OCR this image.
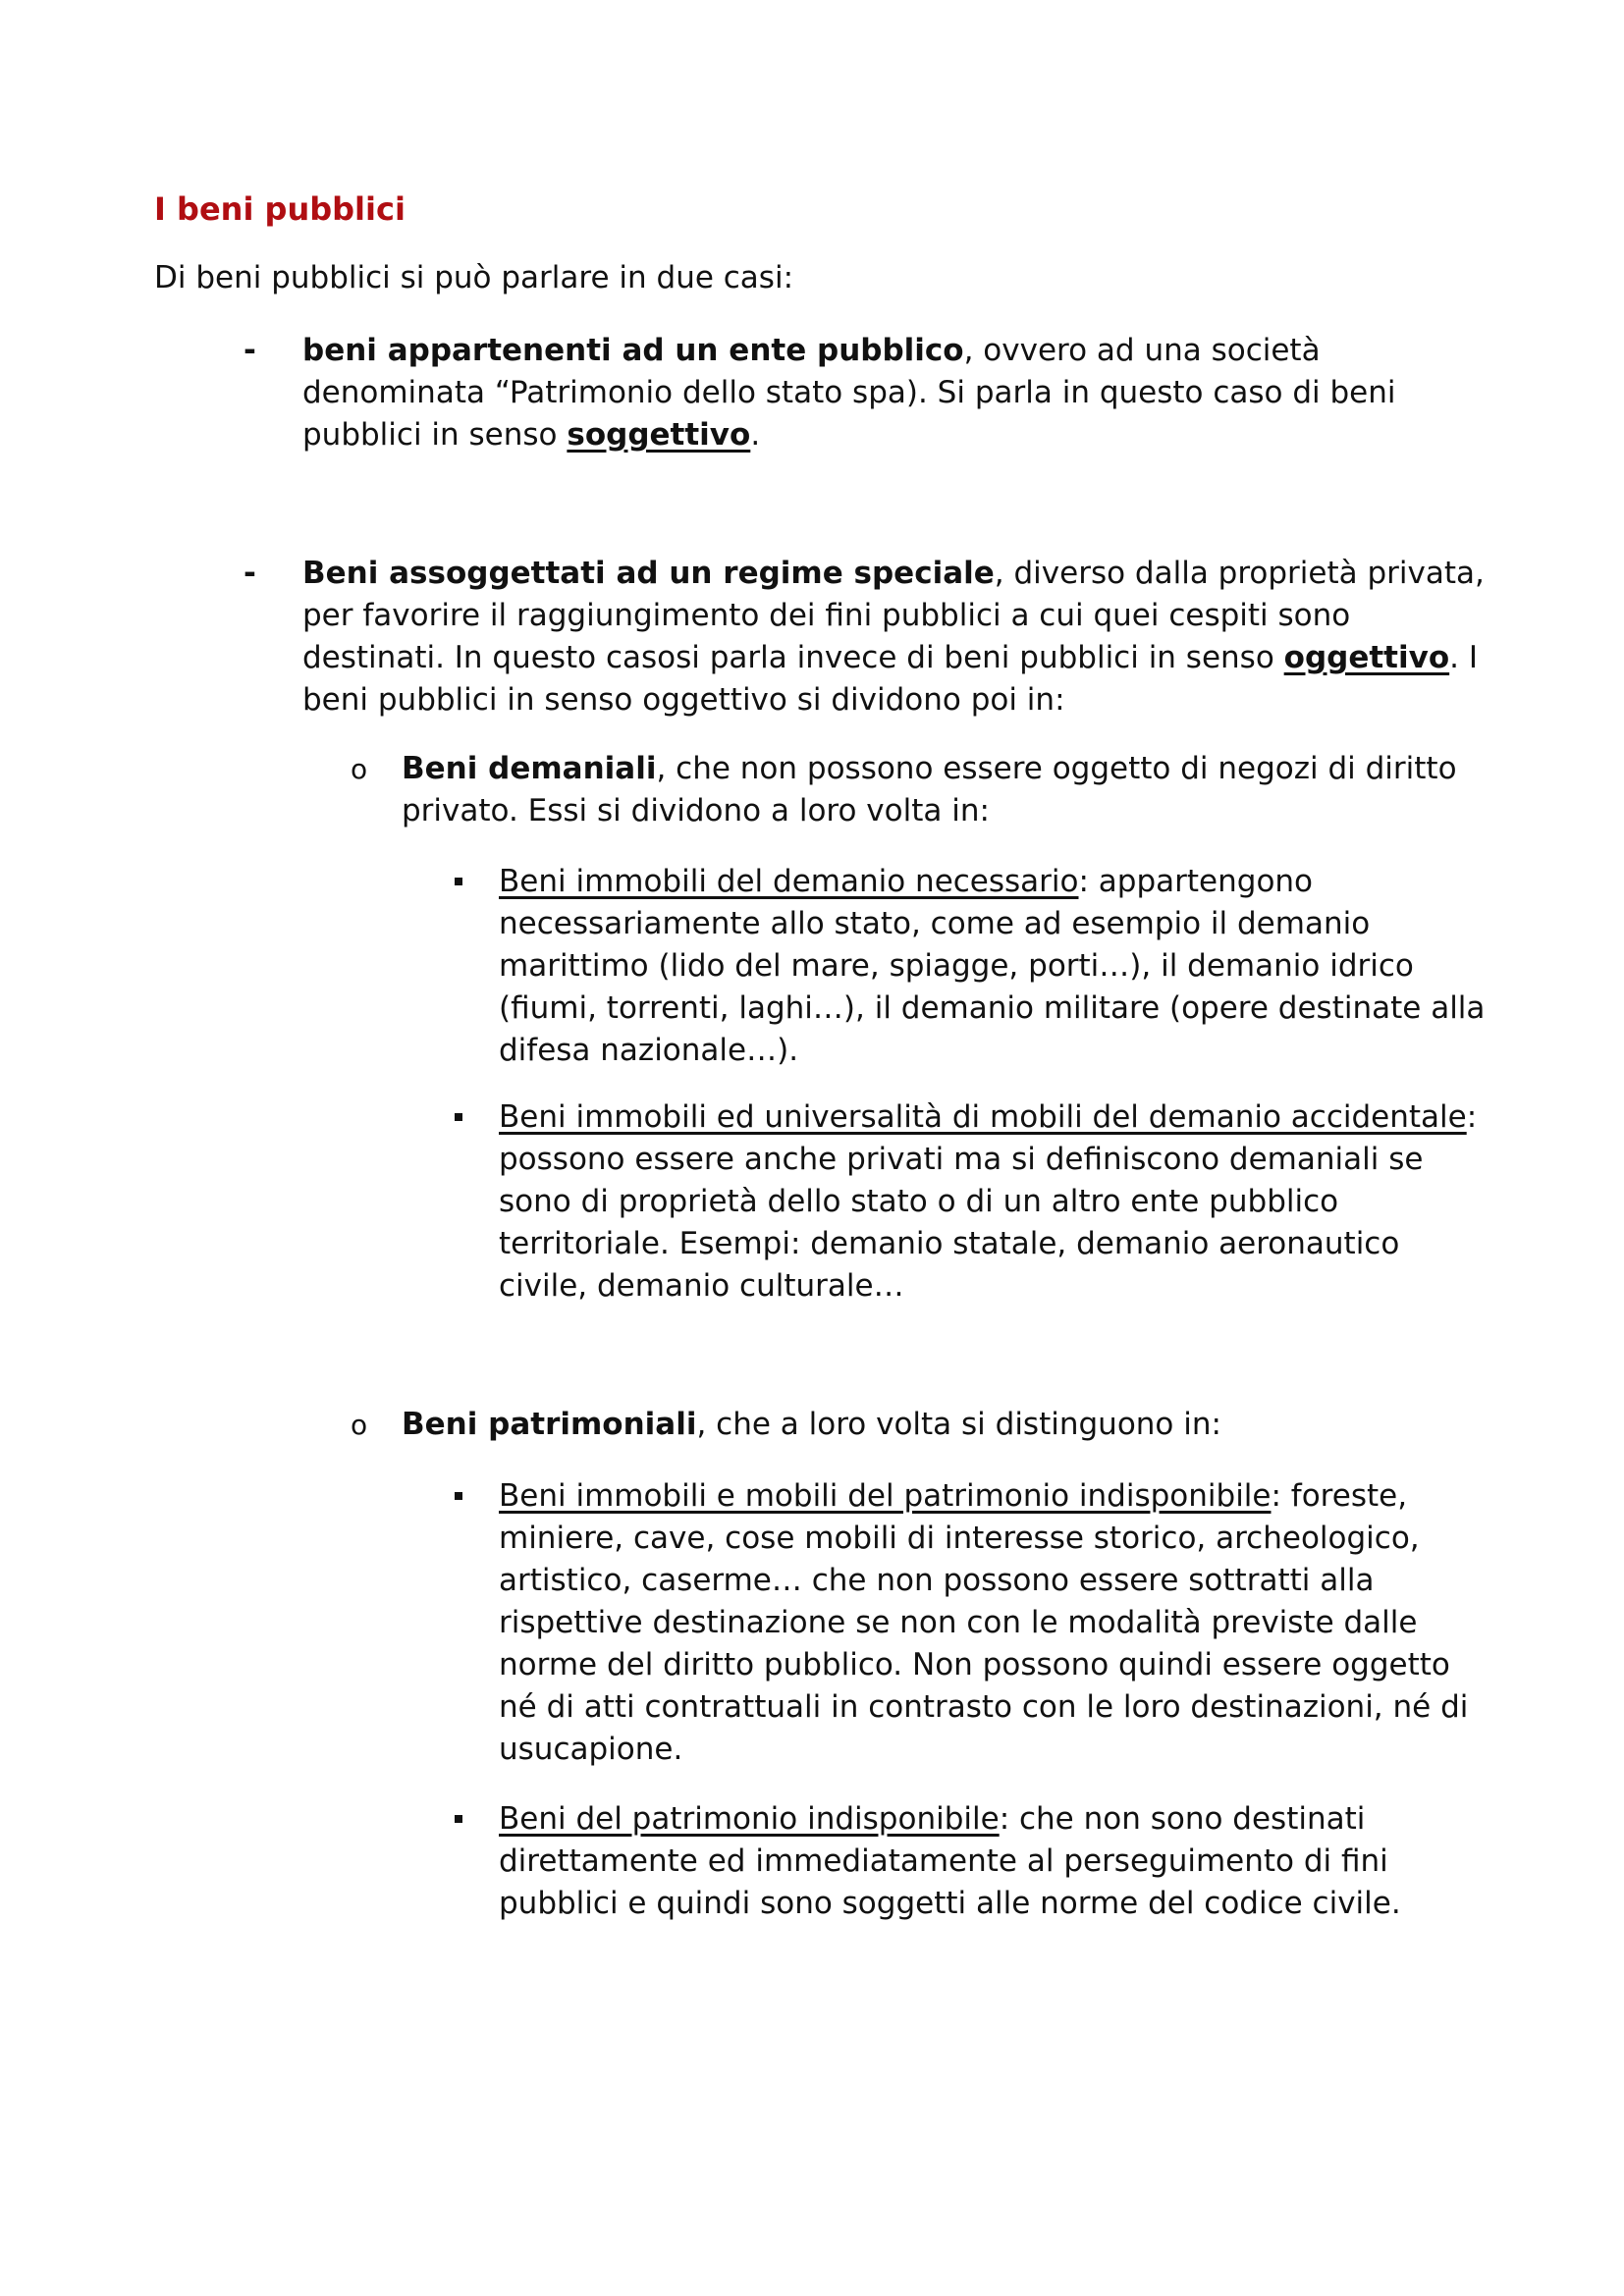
I beni pubblici

Di beni pubblici si può parlare in due casi:

- beni appartenenti ad un ente pubblico, ovvero ad una società denominata “Patrimonio dello stato spa). Si parla in questo caso di beni pubblici in senso soggettivo.

- Beni assoggettati ad un regime speciale, diverso dalla proprietà privata, per favorire il raggiungimento dei fini pubblici a cui quei cespiti sono destinati. In questo casosi parla invece di beni pubblici in senso oggettivo. I beni pubblici in senso oggettivo si dividono poi in:

o Beni demaniali, che non possono essere oggetto di negozi di diritto privato. Essi si dividono a loro volta in:

Beni immobili del demanio necessario: appartengono necessariamente allo stato, come ad esempio il demanio marittimo (lido del mare, spiagge, porti…), il demanio idrico (fiumi, torrenti, laghi…), il demanio militare (opere destinate alla difesa nazionale…).

Beni immobili ed universalità di mobili del demanio accidentale: possono essere anche privati ma si definiscono demaniali se sono di proprietà dello stato o di un altro ente pubblico territoriale. Esempi: demanio statale, demanio aeronautico civile, demanio culturale…

o Beni patrimoniali, che a loro volta si distinguono in:

Beni immobili e mobili del patrimonio indisponibile: foreste, miniere, cave, cose mobili di interesse storico, archeologico, artistico, caserme… che non possono essere sottratti alla rispettive destinazione se non con le modalità previste dalle norme del diritto pubblico. Non possono quindi essere oggetto né di atti contrattuali in contrasto con le loro destinazioni, né di usucapione.

Beni del patrimonio indisponibile: che non sono destinati direttamente ed immediatamente al perseguimento di fini pubblici e quindi sono soggetti alle norme del codice civile.
